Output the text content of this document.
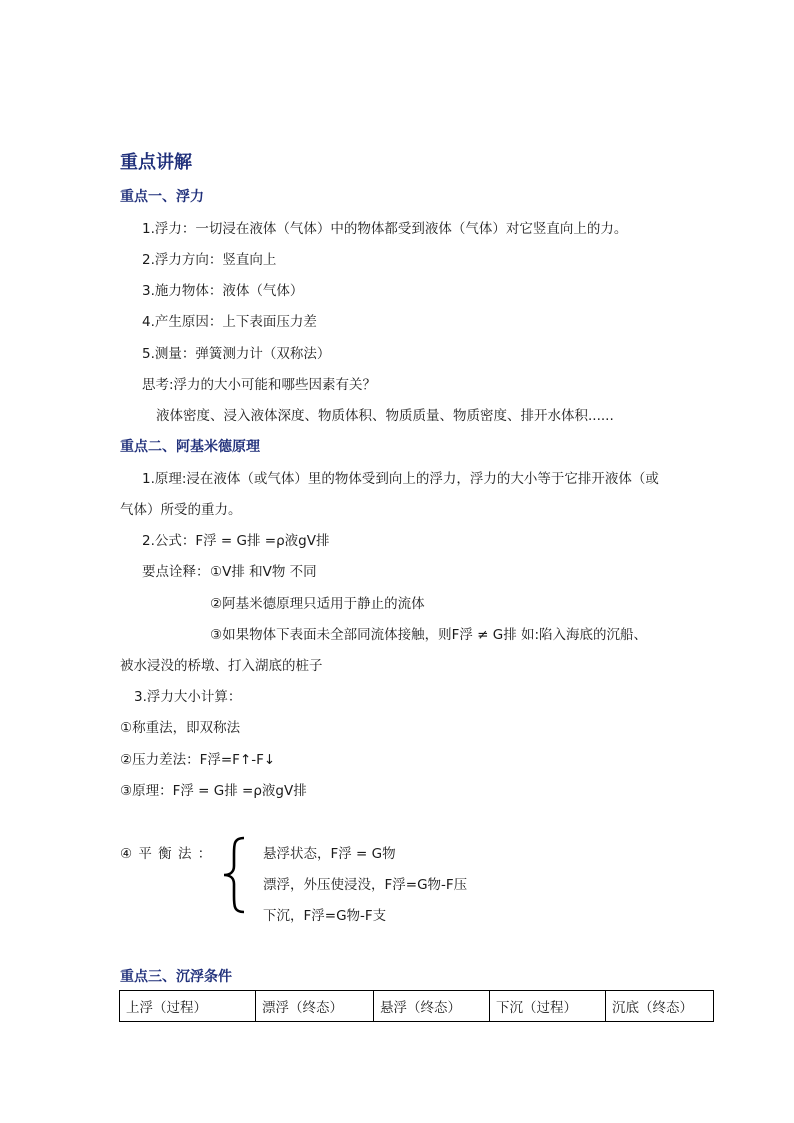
重点讲解
重点一、浮力
1.浮力：一切浸在液体（气体）中的物体都受到液体（气体）对它竖直向上的力。
2.浮力方向：竖直向上
3.施力物体：液体（气体）
4.产生原因：上下表面压力差
5.测量：弹簧测力计（双称法）
思考:浮力的大小可能和哪些因素有关？
液体密度、浸入液体深度、物质体积、物质质量、物质密度、排开水体积......
重点二、阿基米德原理
1.原理:浸在液体（或气体）里的物体受到向上的浮力，浮力的大小等于它排开液体（或
气体）所受的重力。
2.公式：F浮 = G排 =ρ液gV排
要点诠释： ①V排 和V物 不同
②阿基米德原理只适用于静止的流体
③如果物体下表面未全部同流体接触，则F浮 ≠ G排 如:陷入海底的沉船、
被水浸没的桥墩、打入湖底的桩子
3.浮力大小计算：
①称重法，即双称法
②压力差法：F浮=F↑-F↓
③原理：F浮 = G排 =ρ液gV排
④ 平 衡 法 ：	悬浮状态，F浮 = G物
漂浮，外压使浸没，F浮=G物-F压
下沉，F浮=G物-F支
重点三、沉浮条件
上浮（过程）	漂浮（终态）	悬浮（终态）	下沉（过程）	沉底（终态）
